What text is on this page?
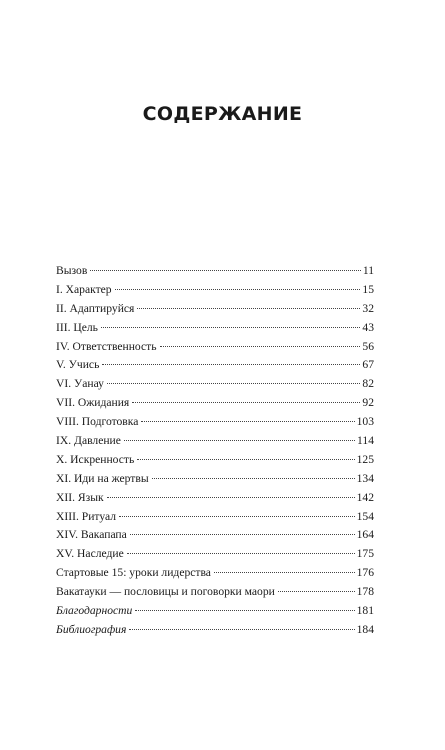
СОДЕРЖАНИЕ
Вызов	11
I. Характер	15
II. Адаптируйся	32
III. Цель	43
IV. Ответственность	56
V. Учись	67
VI. Уанау	82
VII. Ожидания	92
VIII. Подготовка	103
IX. Давление	114
X. Искренность	125
XI. Иди на жертвы	134
XII. Язык	142
XIII. Ритуал	154
XIV. Вакапапа	164
XV. Наследие	175
Стартовые 15: уроки лидерства	176
Вакатауки — пословицы и поговорки маори	178
Благодарности	181
Библиография	184
